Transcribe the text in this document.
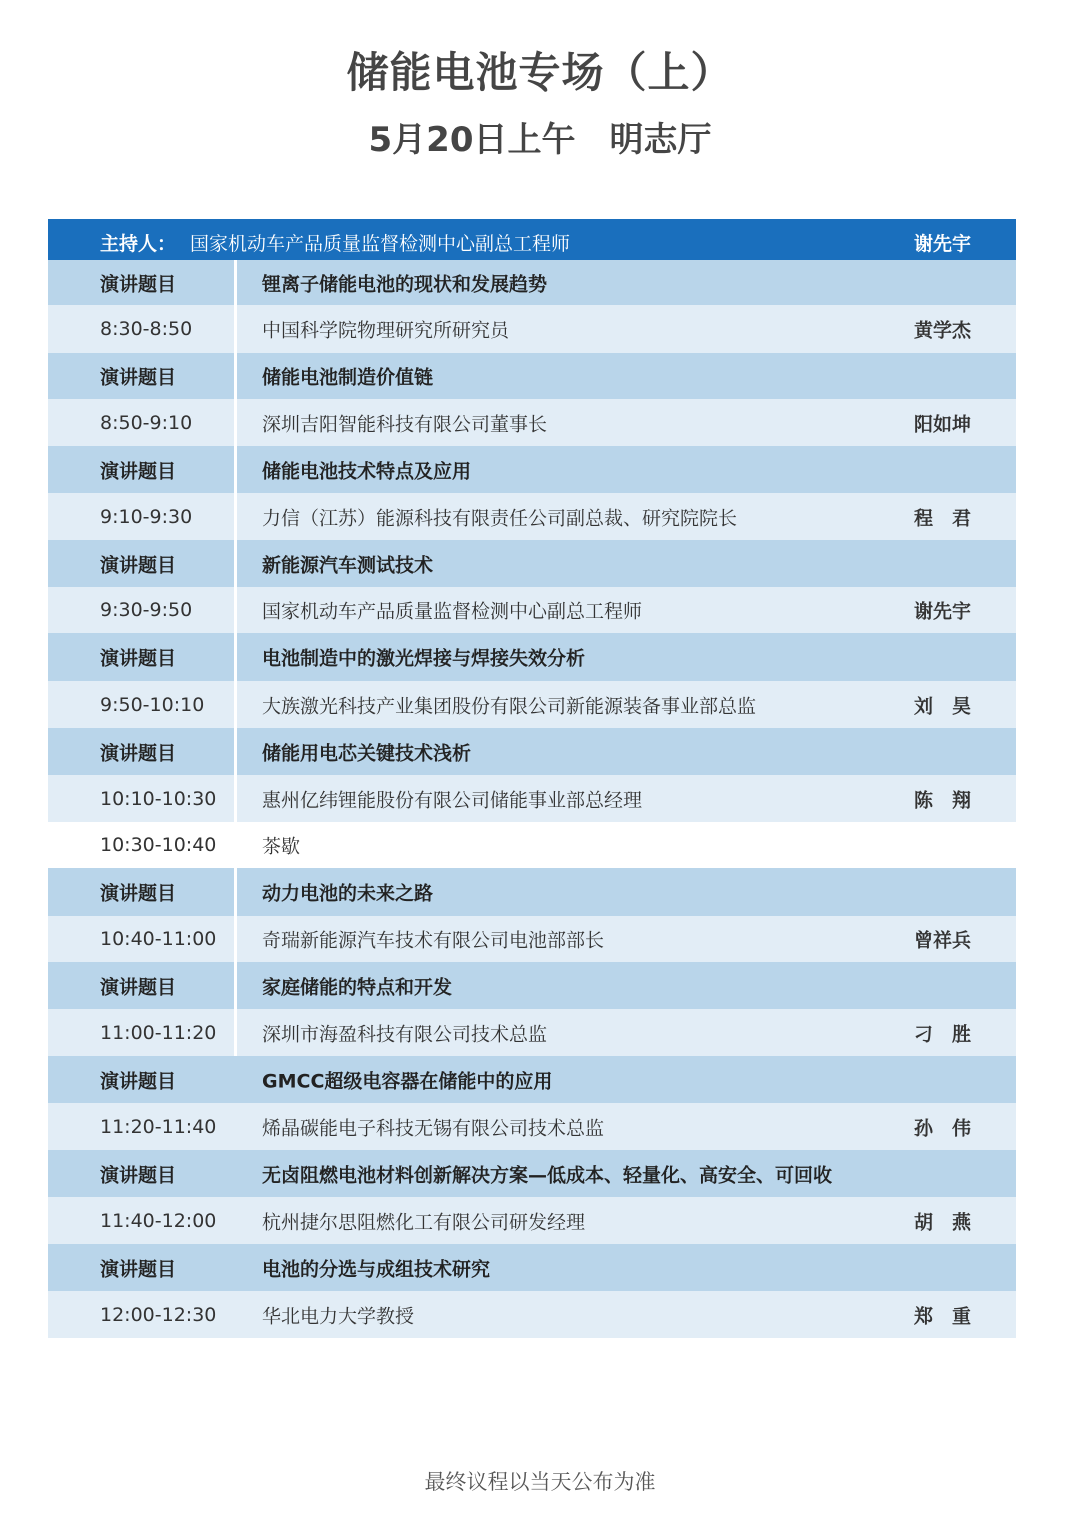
储能电池专场（上）
5月20日上午　明志厅
主持人： 国家机动车产品质量监督检测中心副总工程师	谢先宇
演讲题目	锂离子储能电池的现状和发展趋势
8:30-8:50	中国科学院物理研究所研究员	黄学杰
演讲题目	储能电池制造价值链
8:50-9:10	深圳吉阳智能科技有限公司董事长	阳如坤
演讲题目	储能电池技术特点及应用
9:10-9:30	力信（江苏）能源科技有限责任公司副总裁、研究院院长	程　君
演讲题目	新能源汽车测试技术
9:30-9:50	国家机动车产品质量监督检测中心副总工程师	谢先宇
演讲题目	电池制造中的激光焊接与焊接失效分析
9:50-10:10	大族激光科技产业集团股份有限公司新能源装备事业部总监	刘　昊
演讲题目	储能用电芯关键技术浅析
10:10-10:30 惠州亿纬锂能股份有限公司储能事业部总经理	陈　翔
10:30-10:40 茶歇
演讲题目	动力电池的未来之路
10:40-11:00 奇瑞新能源汽车技术有限公司电池部部长	曾祥兵
演讲题目	家庭储能的特点和开发
11:00-11:20 深圳市海盈科技有限公司技术总监	刁　胜
演讲题目	GMCC超级电容器在储能中的应用
11:20-11:40 烯晶碳能电子科技无锡有限公司技术总监	孙　伟
演讲题目	无卤阻燃电池材料创新解决方案—低成本、轻量化、高安全、可回收
11:40-12:00 杭州捷尔思阻燃化工有限公司研发经理	胡　燕
演讲题目	电池的分选与成组技术研究
12:00-12:30 华北电力大学教授	郑　重
最终议程以当天公布为准
